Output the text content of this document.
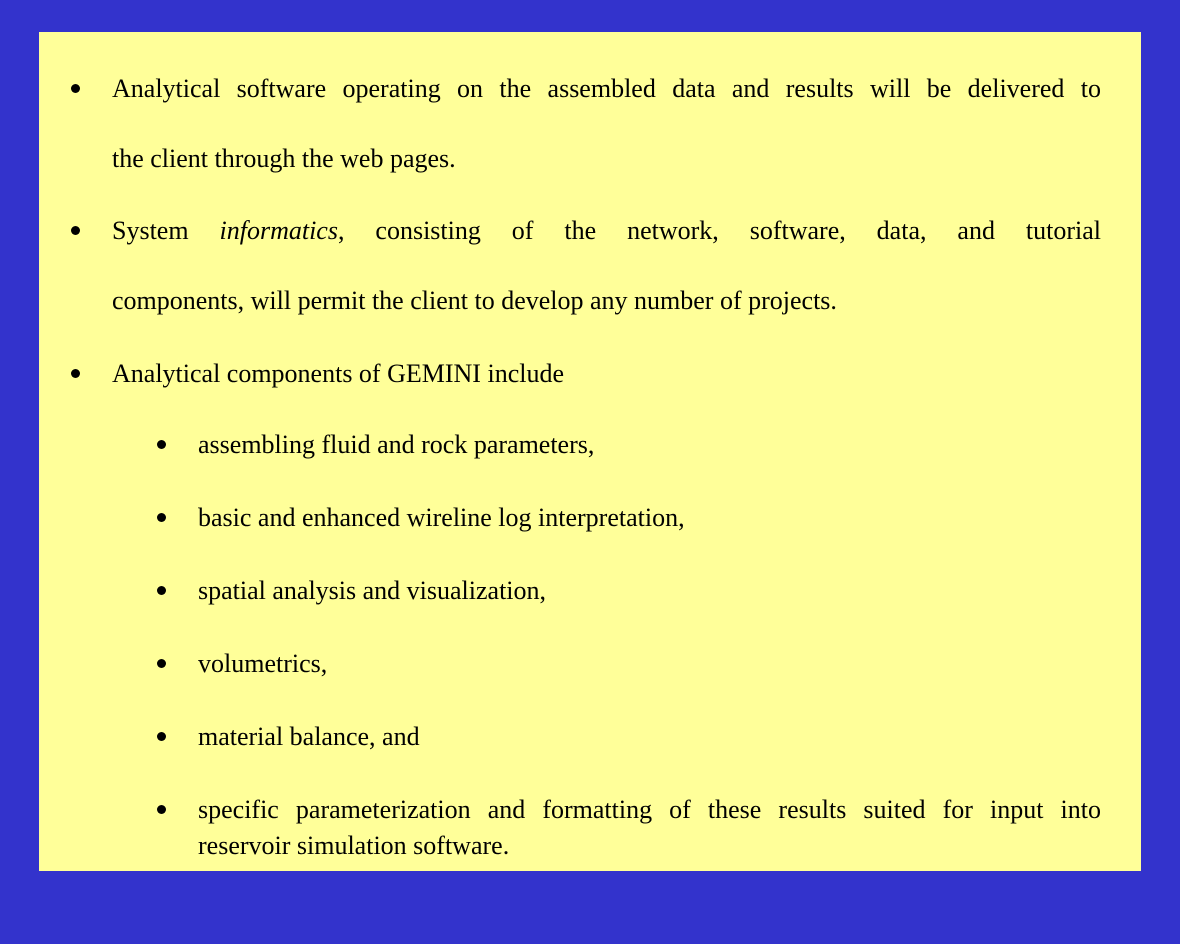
Analytical software operating on the assembled data and results will be delivered to
the client through the web pages.
System informatics, consisting of the network, software, data, and tutorial
components, will permit the client to develop any number of projects.
Analytical components of GEMINI include
assembling fluid and rock parameters,
basic and enhanced wireline log interpretation,
spatial analysis and visualization,
volumetrics,
material balance, and
specific parameterization and formatting of these results suited for input into
reservoir simulation software.
